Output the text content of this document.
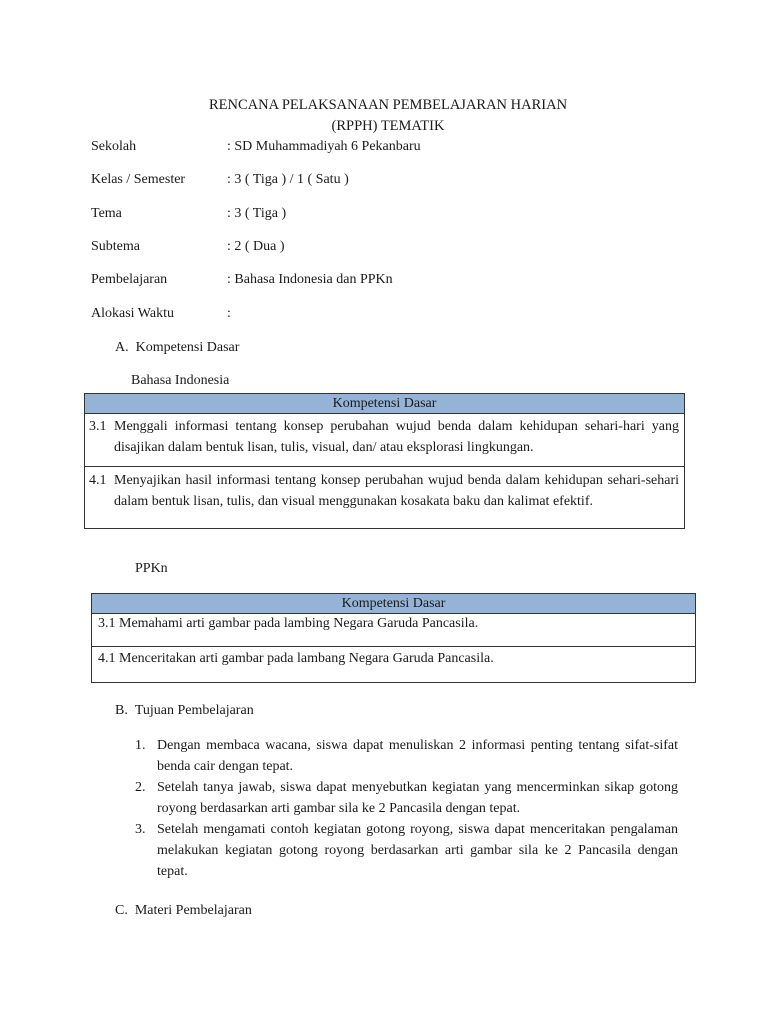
RENCANA PELAKSANAAN PEMBELAJARAN HARIAN
(RPPH) TEMATIK
Sekolah	: SD Muhammadiyah 6 Pekanbaru
Kelas / Semester	: 3 ( Tiga ) / 1 ( Satu )
Tema	: 3 ( Tiga )
Subtema	: 2 ( Dua )
Pembelajaran	: Bahasa Indonesia dan PPKn
Alokasi Waktu	:
A.  Kompetensi Dasar
Bahasa Indonesia
Kompetensi Dasar

3.1 Menggali informasi tentang konsep perubahan wujud benda dalam kehidupan sehari-hari yang disajikan dalam bentuk lisan, tulis, visual, dan/ atau eksplorasi lingkungan.

4.1 Menyajikan hasil informasi tentang konsep perubahan wujud benda dalam kehidupan sehari-sehari dalam bentuk lisan, tulis, dan visual menggunakan kosakata baku dan kalimat efektif.
PPKn
Kompetensi Dasar
3.1 Memahami arti gambar pada lambing Negara Garuda Pancasila.
4.1 Menceritakan arti gambar pada lambang Negara Garuda Pancasila.
B.  Tujuan Pembelajaran
1. Dengan membaca wacana, siswa dapat menuliskan 2 informasi penting tentang sifat-sifat benda cair dengan tepat.
2. Setelah tanya jawab, siswa dapat menyebutkan kegiatan yang mencerminkan sikap gotong royong berdasarkan arti gambar sila ke 2 Pancasila dengan tepat.
3. Setelah mengamati contoh kegiatan gotong royong, siswa dapat menceritakan pengalaman melakukan kegiatan gotong royong berdasarkan arti gambar sila ke 2 Pancasila dengan tepat.
C.  Materi Pembelajaran
